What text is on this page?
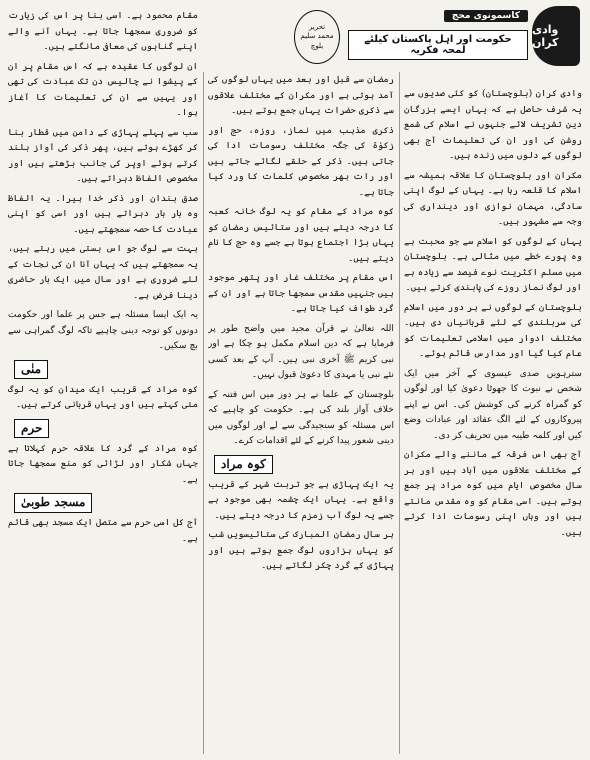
وادی کران
کاسمونوی محج
حکومت اور اہل پاکستان کیلئے لمحہ فکریہ
تحریر
محمد سلیم بلوچ

وادی کران (بلوچستان) کو کئی صدیوں سے یہ شرف حاصل ہے کہ یہاں ایسے بزرگان دین تشریف لائے جنہوں نے اسلام کی شمع روشن کی اور ان کی تعلیمات آج بھی لوگوں کے دلوں میں زندہ ہیں۔

مکران اور بلوچستان کا علاقہ ہمیشہ سے اسلام کا قلعہ رہا ہے۔ یہاں کے لوگ اپنی سادگی، مہمان نوازی اور دینداری کی وجہ سے مشہور ہیں۔

یہاں کے لوگوں کو اسلام سے جو محبت ہے وہ پورے خطے میں مثالی ہے۔ بلوچستان میں مسلم اکثریت نوے فیصد سے زیادہ ہے اور لوگ نماز روزے کی پابندی کرتے ہیں۔

بلوچستان کے لوگوں نے ہر دور میں اسلام کی سربلندی کے لئے قربانیاں دی ہیں۔ مختلف ادوار میں اسلامی تعلیمات کو عام کیا گیا اور مدارس قائم ہوئے۔

سترہویں صدی عیسوی کے آخر میں ایک شخص نے نبوت کا جھوٹا دعویٰ کیا اور لوگوں کو گمراہ کرنے کی کوشش کی۔ اس نے اپنے پیروکاروں کے لئے الگ عقائد اور عبادات وضع کیں اور کلمہ طیبہ میں تحریف کر دی۔

آج بھی اس فرقہ کے ماننے والے مکران کے مختلف علاقوں میں آباد ہیں اور ہر سال مخصوص ایام میں کوہ مراد پر جمع ہوتے ہیں۔ اسی مقام کو وہ مقدس مانتے ہیں اور وہاں اپنی رسومات ادا کرتے ہیں۔

رمضان سے قبل اور بعد میں یہاں لوگوں کی آمد ہوتی ہے اور مکران کے مختلف علاقوں سے ذکری حضرات یہاں جمع ہوتے ہیں۔

ذکری مذہب میں نماز، روزہ، حج اور زکوٰۃ کی جگہ مختلف رسومات ادا کی جاتی ہیں۔ ذکر کے حلقے لگائے جاتے ہیں اور رات بھر مخصوص کلمات کا ورد کیا جاتا ہے۔

کوہ مراد کے مقام کو یہ لوگ خانہ کعبہ کا درجہ دیتے ہیں اور ستائیس رمضان کو یہاں بڑا اجتماع ہوتا ہے جسے وہ حج کا نام دیتے ہیں۔

اس مقام پر مختلف غار اور پتھر موجود ہیں جنہیں مقدس سمجھا جاتا ہے اور ان کے گرد طواف کیا جاتا ہے۔

اللہ تعالیٰ نے قرآن مجید میں واضح طور پر فرمایا ہے کہ دین اسلام مکمل ہو چکا ہے اور نبی کریم ﷺ آخری نبی ہیں۔ آپ کے بعد کسی نئے نبی یا مہدی کا دعویٰ قبول نہیں۔

بلوچستان کے علما نے ہر دور میں اس فتنہ کے خلاف آواز بلند کی ہے۔ حکومت کو چاہیے کہ اس مسئلہ کو سنجیدگی سے لے اور لوگوں میں دینی شعور پیدا کرنے کے لئے اقدامات کرے۔

کوہ مراد

یہ ایک پہاڑی ہے جو تربت شہر کے قریب واقع ہے۔ یہاں ایک چشمہ بھی موجود ہے جسے یہ لوگ آب زمزم کا درجہ دیتے ہیں۔

ہر سال رمضان المبارک کی ستائیسویں شب کو یہاں ہزاروں لوگ جمع ہوتے ہیں اور پہاڑی کے گرد چکر لگاتے ہیں۔

مقام محمود ہے۔ اسی بنا پر اس کی زیارت کو ضروری سمجھا جاتا ہے۔ یہاں آنے والے اپنے گناہوں کی معافی مانگتے ہیں۔

ان لوگوں کا عقیدہ ہے کہ اس مقام پر ان کے پیشوا نے چالیس دن تک عبادت کی تھی اور یہیں سے ان کی تعلیمات کا آغاز ہوا۔

سب سے پہلے پہاڑی کے دامن میں قطار بنا کر کھڑے ہوتے ہیں، پھر ذکر کی آواز بلند کرتے ہوئے اوپر کی جانب بڑھتے ہیں اور مخصوص الفاظ دہراتے ہیں۔

صدق بندان اور ذکر خدا ہیرا۔ یہ الفاظ وہ بار بار دہراتے ہیں اور اسی کو اپنی عبادت کا حصہ سمجھتے ہیں۔

بہت سے لوگ جو اس بستی میں رہتے ہیں، یہ سمجھتے ہیں کہ یہاں آنا ان کی نجات کے لئے ضروری ہے اور سال میں ایک بار حاضری دینا فرض ہے۔

یہ ایک ایسا مسئلہ ہے جس پر علما اور حکومت دونوں کو توجہ دینی چاہیے تاکہ لوگ گمراہی سے بچ سکیں۔

منٰی

کوہ مراد کے قریب ایک میدان کو یہ لوگ منٰی کہتے ہیں اور یہاں قربانی کرتے ہیں۔

حرم

کوہ مراد کے گرد کا علاقہ حرم کہلاتا ہے جہاں شکار اور لڑائی کو منع سمجھا جاتا ہے۔

مسجد طوبیٰ

آج کل اسی حرم سے متصل ایک مسجد بھی قائم ہے۔
